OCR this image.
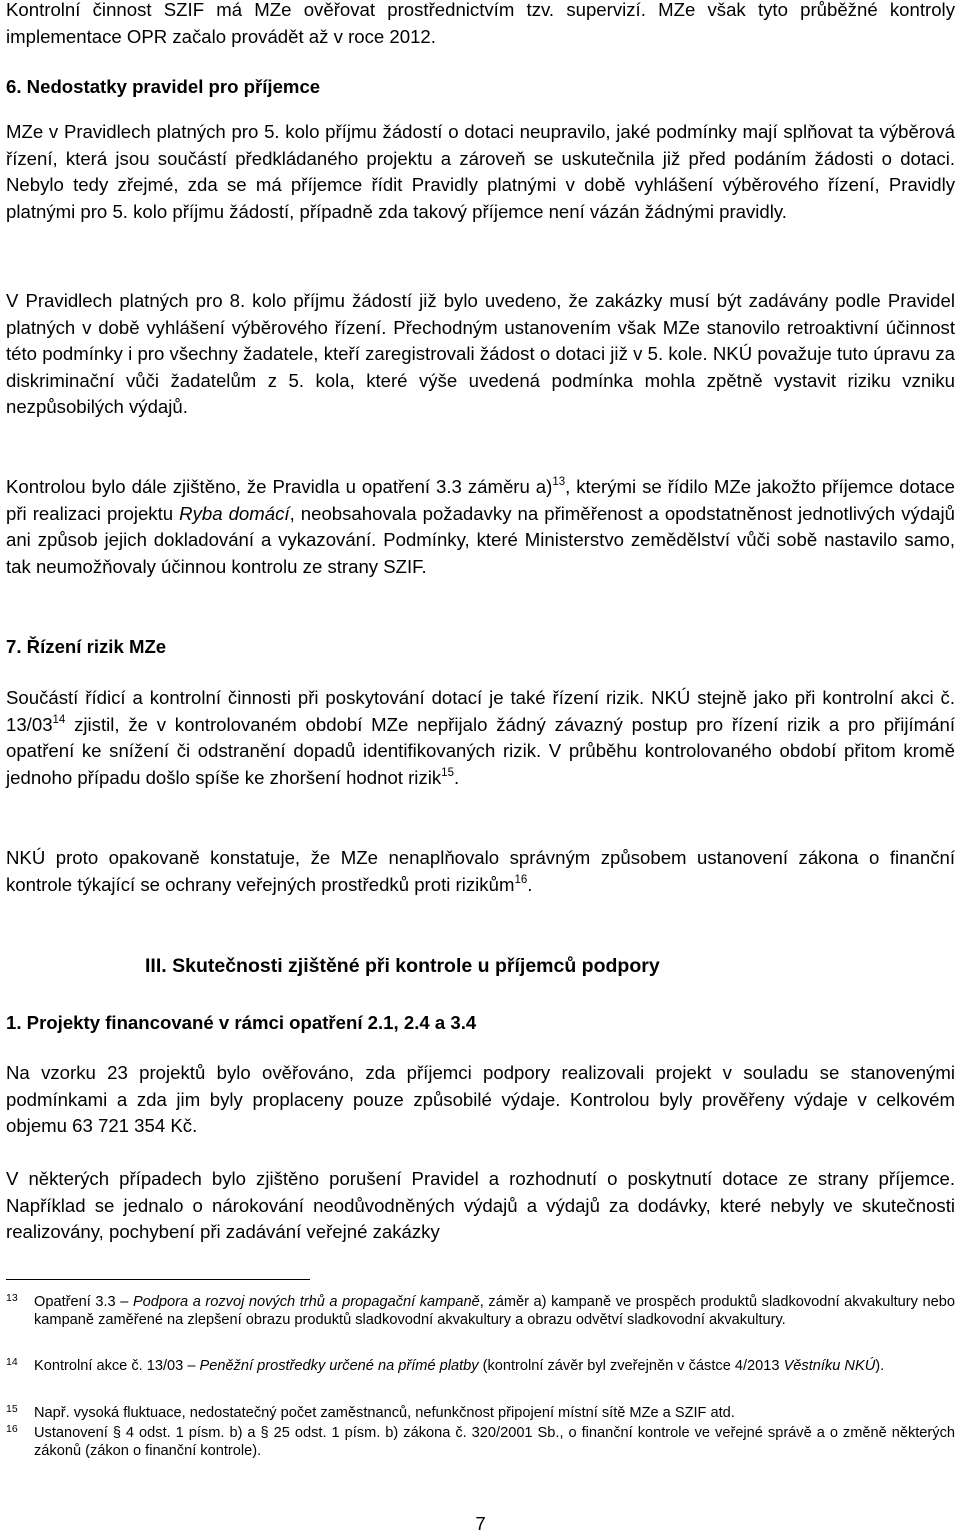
Kontrolní činnost SZIF má MZe ověřovat prostřednictvím tzv. supervizí. MZe však tyto průběžné kontroly implementace OPR začalo provádět až v roce 2012.

6. Nedostatky pravidel pro příjemce

MZe v Pravidlech platných pro 5. kolo příjmu žádostí o dotaci neupravilo, jaké podmínky mají splňovat ta výběrová řízení, která jsou součástí předkládaného projektu a zároveň se uskutečnila již před podáním žádosti o dotaci. Nebylo tedy zřejmé, zda se má příjemce řídit Pravidly platnými v době vyhlášení výběrového řízení, Pravidly platnými pro 5. kolo příjmu žádostí, případně zda takový příjemce není vázán žádnými pravidly.

V Pravidlech platných pro 8. kolo příjmu žádostí již bylo uvedeno, že zakázky musí být zadávány podle Pravidel platných v době vyhlášení výběrového řízení. Přechodným ustanovením však MZe stanovilo retroaktivní účinnost této podmínky i pro všechny žadatele, kteří zaregistrovali žádost o dotaci již v 5. kole. NKÚ považuje tuto úpravu za diskriminační vůči žadatelům z 5. kola, které výše uvedená podmínka mohla zpětně vystavit riziku vzniku nezpůsobilých výdajů.

Kontrolou bylo dále zjištěno, že Pravidla u opatření 3.3 záměru a)$^{13}$, kterými se řídilo MZe jakožto příjemce dotace při realizaci projektu Ryba domácí, neobsahovala požadavky na přiměřenost a opodstatněnost jednotlivých výdajů ani způsob jejich dokladování a vykazování. Podmínky, které Ministerstvo zemědělství vůči sobě nastavilo samo, tak neumožňovaly účinnou kontrolu ze strany SZIF.

7. Řízení rizik MZe

Součástí řídicí a kontrolní činnosti při poskytování dotací je také řízení rizik. NKÚ stejně jako při kontrolní akci č. $13/03^{14}$ zjistil, že v kontrolovaném období MZe nepřijalo žádný závazný postup pro řízení rizik a pro přijímání opatření ke snížení či odstranění dopadů identifikovaných rizik. V průběhu kontrolovaného období přitom kromě jednoho případu došlo spíše ke zhoršení hodnot rizik$^{15}$.

NKÚ proto opakovaně konstatuje, že MZe nenaplňovalo správným způsobem ustanovení zákona o finanční kontrole týkající se ochrany veřejných prostředků proti rizikům$^{16}$.

III. Skutečnosti zjištěné při kontrole u příjemců podpory

1. Projekty financované v rámci opatření 2.1, 2.4 a 3.4

Na vzorku 23 projektů bylo ověřováno, zda příjemci podpory realizovali projekt v souladu se stanovenými podmínkami a zda jim byly proplaceny pouze způsobilé výdaje. Kontrolou byly prověřeny výdaje v celkovém objemu 63 721 354 Kč.

V některých případech bylo zjištěno porušení Pravidel a rozhodnutí o poskytnutí dotace ze strany příjemce. Například se jednalo o nárokování neodůvodněných výdajů a výdajů za dodávky, které nebyly ve skutečnosti realizovány, pochybení při zadávání veřejné zakázky

13 Opatření 3.3 – Podpora a rozvoj nových trhů a propagační kampaně, záměr a) kampaně ve prospěch produktů sladkovodní akvakultury nebo kampaně zaměřené na zlepšení obrazu produktů sladkovodní akvakultury a obrazu odvětví sladkovodní akvakultury.
14 Kontrolní akce č. 13/03 – Peněžní prostředky určené na přímé platby (kontrolní závěr byl zveřejněn v částce 4/2013 Věstníku NKÚ).
15 Např. vysoká fluktuace, nedostatečný počet zaměstnanců, nefunkčnost připojení místní sítě MZe a SZIF atd.
16 Ustanovení § 4 odst. 1 písm. b) a § 25 odst. 1 písm. b) zákona č. 320/2001 Sb., o finanční kontrole ve veřejné správě a o změně některých zákonů (zákon o finanční kontrole).
7
